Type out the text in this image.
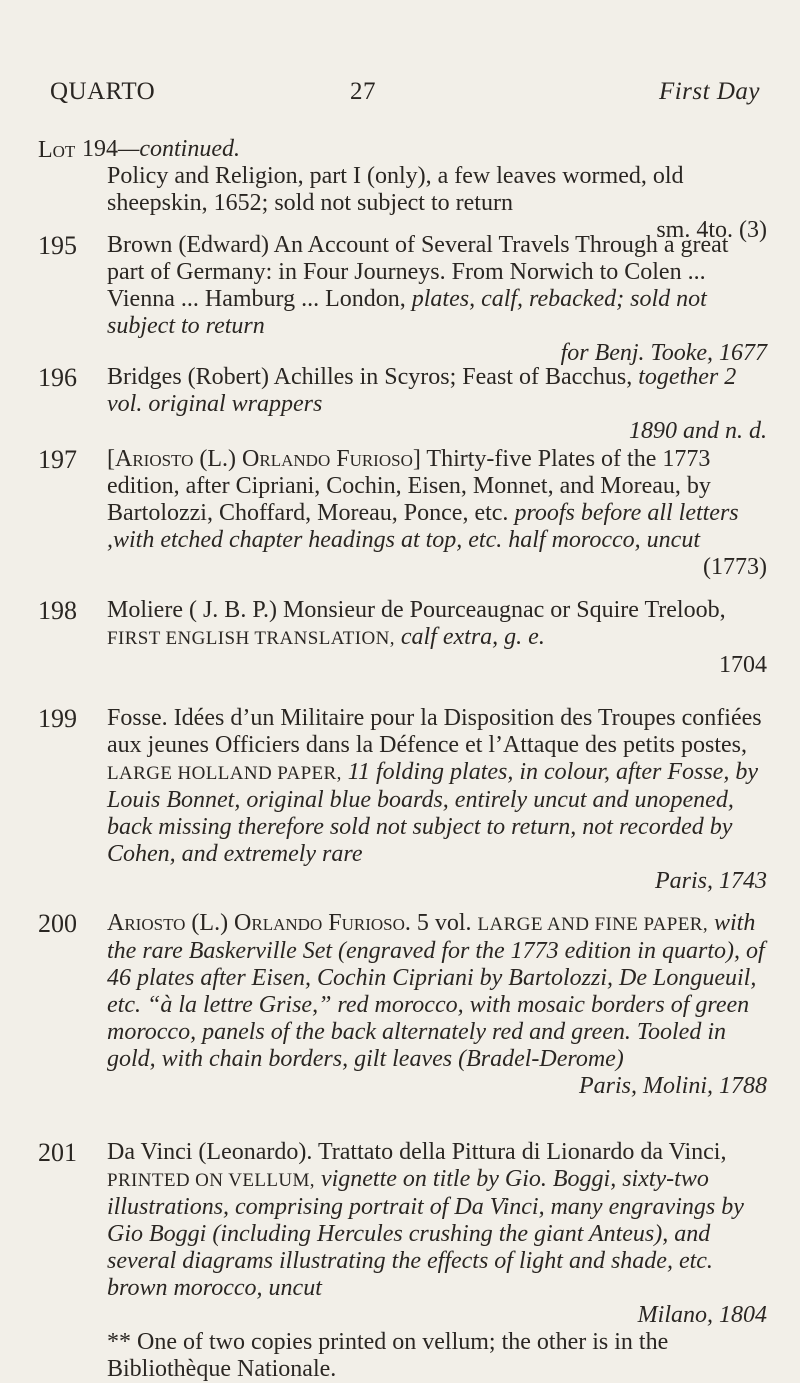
QUARTO	27	First Day
Lot 194—continued.
Policy and Religion, part I (only), a few leaves wormed, old sheepskin, 1652; sold not subject to return
sm. 4to. (3)
195	Brown (Edward) An Account of Several Travels Through a great part of Germany: in Four Journeys. From Norwich to Colen ... Vienna ... Hamburg ... London, plates, calf, rebacked; sold not subject to return
for Benj. Tooke, 1677
196	Bridges (Robert) Achilles in Scyros; Feast of Bacchus, together 2 vol. original wrappers
1890 and n. d.
197	[Ariosto (L.) Orlando Furioso] Thirty-five Plates of the 1773 edition, after Cipriani, Cochin, Eisen, Monnet, and Moreau, by Bartolozzi, Choffard, Moreau, Ponce, etc. proofs before all letters ,with etched chapter headings at top, etc. half morocco, uncut
(1773)
198	Moliere ( J. B. P.) Monsieur de Pourceaugnac or Squire Treloob, FIRST ENGLISH TRANSLATION, calf extra, g. e.
1704
199	Fosse. Idées d’un Militaire pour la Disposition des Troupes confiées aux jeunes Officiers dans la Défence et l’Attaque des petits postes, LARGE HOLLAND PAPER, 11 folding plates, in colour, after Fosse, by Louis Bonnet, original blue boards, entirely uncut and unopened, back missing therefore sold not subject to return, not recorded by Cohen, and extremely rare
Paris, 1743
200	Ariosto (L.) Orlando Furioso. 5 vol. LARGE AND FINE PAPER, with the rare Baskerville Set (engraved for the 1773 edition in quarto), of 46 plates after Eisen, Cochin Cipriani by Bartolozzi, De Longueuil, etc. “à la lettre Grise,” red morocco, with mosaic borders of green morocco, panels of the back alternately red and green. Tooled in gold, with chain borders, gilt leaves (Bradel-Derome)
Paris, Molini, 1788
201	Da Vinci (Leonardo). Trattato della Pittura di Lionardo da Vinci, PRINTED ON VELLUM, vignette on title by Gio. Boggi, sixty-two illustrations, comprising portrait of Da Vinci, many engravings by Gio Boggi (including Hercules crushing the giant Anteus), and several diagrams illustrating the effects of light and shade, etc. brown morocco, uncut
Milano, 1804
** One of two copies printed on vellum; the other is in the Bibliothèque Nationale.
